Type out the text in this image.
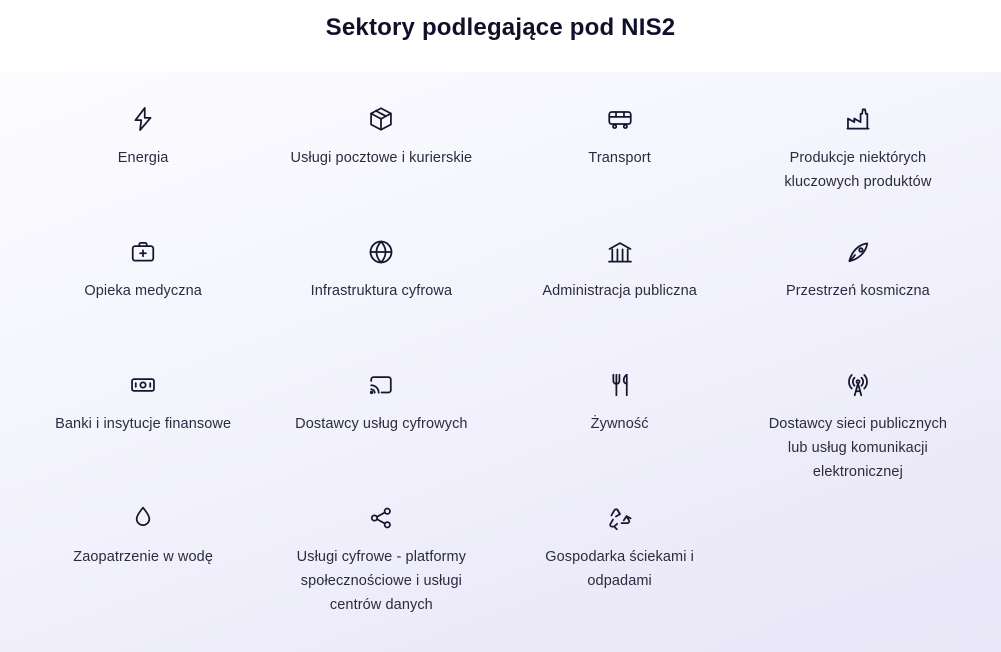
Sektory podlegające pod NIS2
Energia	Usługi pocztowe i kurierskie	Transport	Produkcje niektórych kluczowych produktów
Opieka medyczna	Infrastruktura cyfrowa	Administracja publiczna	Przestrzeń kosmiczna
Banki i insytucje finansowe	Dostawcy usług cyfrowych	Żywność	Dostawcy sieci publicznych lub usług komunikacji elektronicznej
Zaopatrzenie w wodę	Usługi cyfrowe - platformy społecznościowe i usługi centrów danych
Gospodarka ściekami i odpadami
